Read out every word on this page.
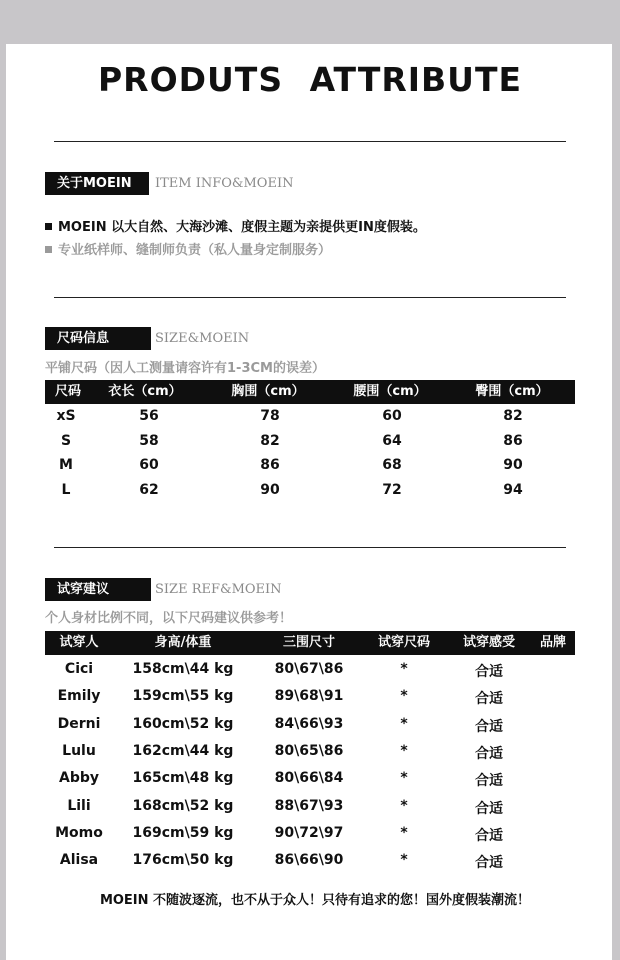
PRODUTS ATTRIBUTE
关于MOEIN	ITEM INFO&MOEIN
MOEIN 以大自然、大海沙滩、度假主题为亲提供更IN度假装。
专业纸样师、缝制师负责（私人量身定制服务）
尺码信息	SIZE&MOEIN
平铺尺码（因人工测量请容许有1-3CM的误差）
尺码 衣长（cm）	胸围（cm）	腰围（cm）	臀围（cm）
xS	56	78	60	82
S	58	82	64	86
M	60	86	68	90
L	62	90	72	94
试穿建议	SIZE REF&MOEIN
个人身材比例不同，以下尺码建议供参考！
试穿人	身高/体重	三围尺寸	试穿尺码	试穿感受 品牌
Cici	158cm\44 kg	80\67\86	*	合适
Emily 159cm\55 kg	89\68\91	*	合适
Derni 160cm\52 kg	84\66\93	*	合适
Lulu	162cm\44 kg	80\65\86	*	合适
Abby 165cm\48 kg	80\66\84	*	合适
Lili	168cm\52 kg	88\67\93	*	合适
Momo 169cm\59 kg	90\72\97	*	合适
Alisa 176cm\50 kg	86\66\90	*	合适
MOEIN 不随波逐流，也不从于众人！只待有追求的您！国外度假装潮流！
